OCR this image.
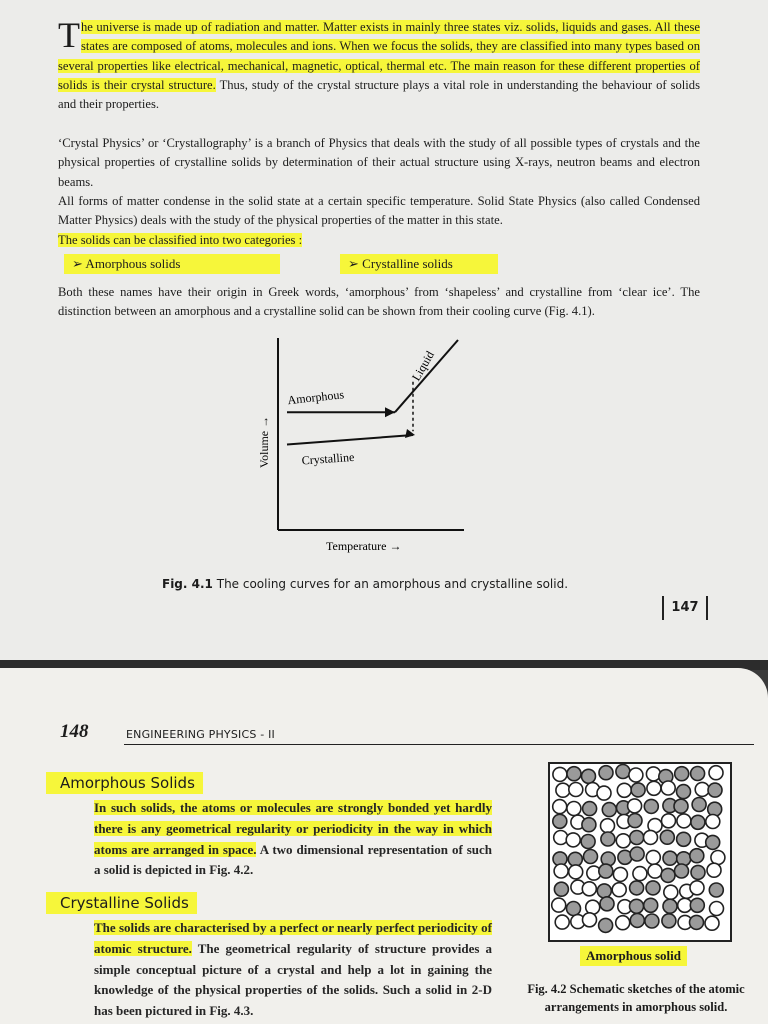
The universe is made up of radiation and matter. Matter exists in mainly three states viz. solids, liquids and gases. All these states are composed of atoms, molecules and ions. When we focus the solids, they are classified into many types based on several properties like electrical, mechanical, magnetic, optical, thermal etc. The main reason for these different properties of solids is their crystal structure. Thus, study of the crystal structure plays a vital role in understanding the behaviour of solids and their properties.
‘Crystal Physics’ or ‘Crystallography’ is a branch of Physics that deals with the study of all possible types of crystals and the physical properties of crystalline solids by determination of their actual structure using X-rays, neutron beams and electron beams.
All forms of matter condense in the solid state at a certain specific temperature. Solid State Physics (also called Condensed Matter Physics) deals with the study of the physical properties of the matter in this state.
The solids can be classified into two categories :
➢ Amorphous solids	➢ Crystalline solids
Both these names have their origin in Greek words, ‘amorphous’ from ‘shapeless’ and crystalline from ‘clear ice’. The distinction between an amorphous and a crystalline solid can be shown from their cooling curve (Fig. 4.1).
Amorphous
Crystalline
Liquid
Volume →
Temperature →
Fig. 4.1 The cooling curves for an amorphous and crystalline solid.
147
148	ENGINEERING PHYSICS - II
Amorphous Solids
In such solids, the atoms or molecules are strongly bonded yet hardly there is any geometrical regularity or periodicity in the way in which atoms are arranged in space. A two dimensional representation of such a solid is depicted in Fig. 4.2.
Crystalline Solids
The solids are characterised by a perfect or nearly perfect periodicity of atomic structure. The geometrical regularity of structure provides a simple conceptual picture of a crystal and help a lot in gaining the knowledge of the physical properties of the solids. Such a solid in 2-D has been pictured in Fig. 4.3.
Amorphous solid
Fig. 4.2 Schematic sketches of the atomic arrangements in amorphous solid.
